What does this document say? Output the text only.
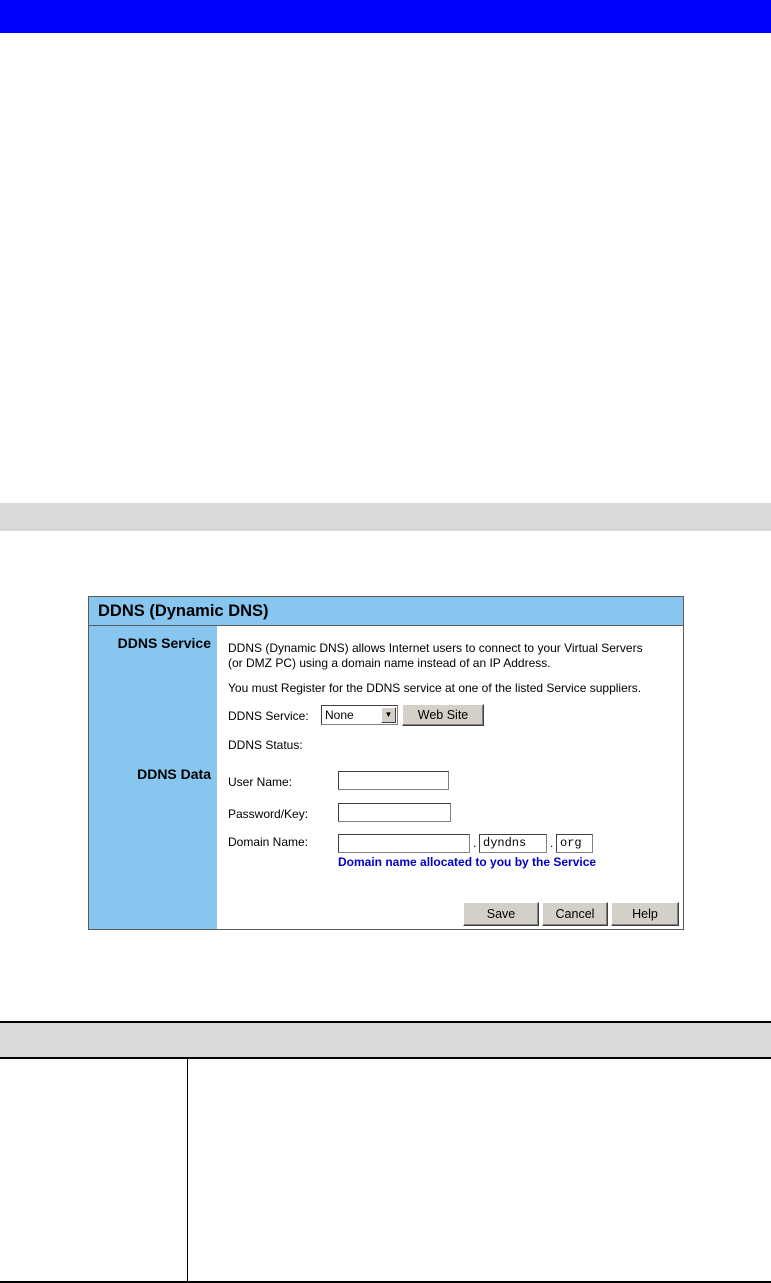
DDNS (Dynamic DNS)
DDNS Service
DDNS Data
DDNS (Dynamic DNS) allows Internet users to connect to your Virtual Servers
(or DMZ PC) using a domain name instead of an IP Address.
You must Register for the DDNS service at one of the listed Service suppliers.
DDNS Service: None	▼	Web Site
DDNS Status:
User Name:
Password/Key:
Domain Name:	. dyndns	. org
Domain name allocated to you by the Service
Save	Cancel	Help
